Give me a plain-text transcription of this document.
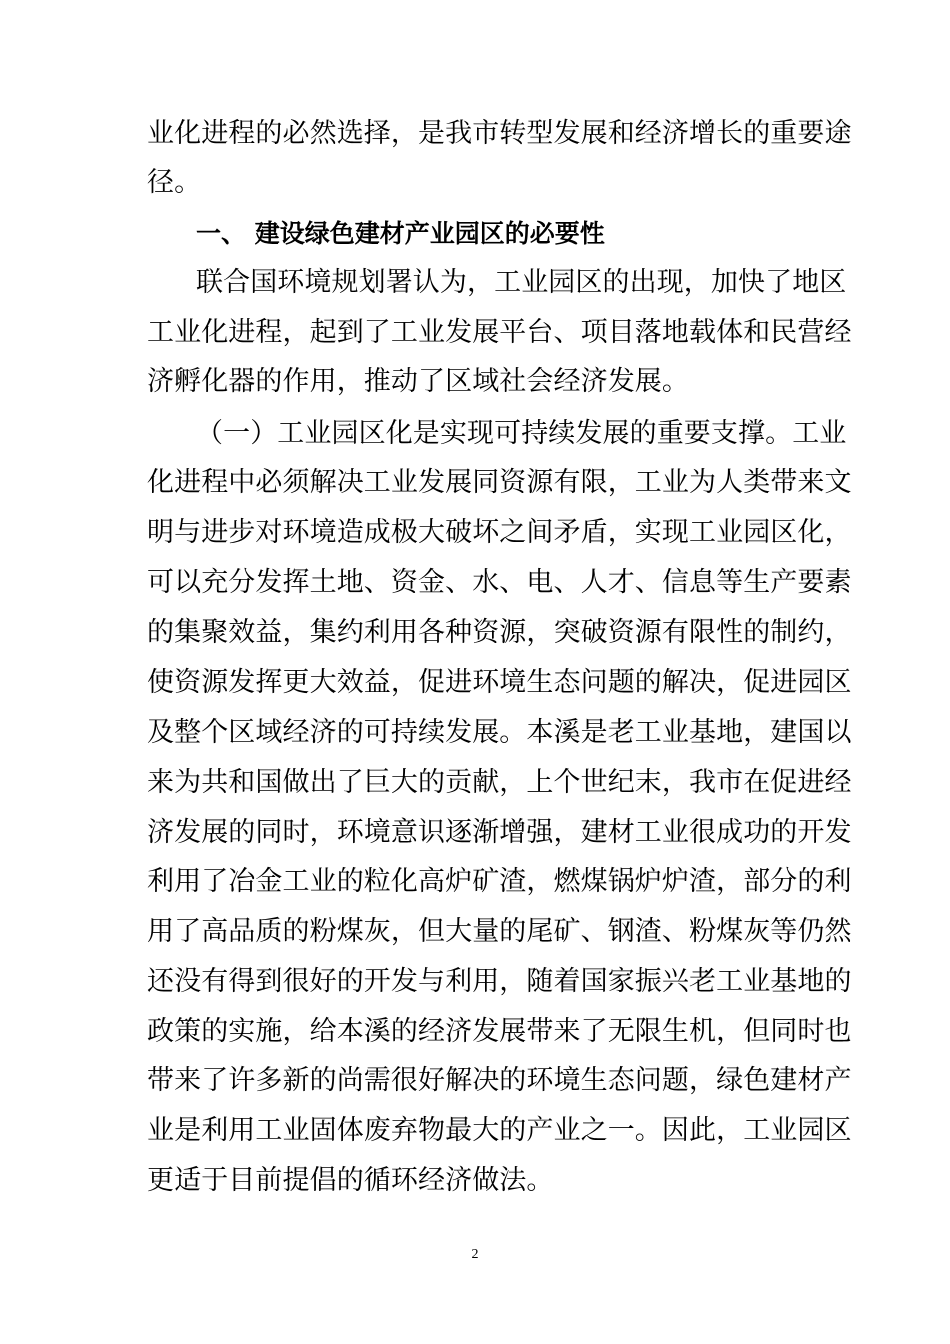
业化进程的必然选择，是我市转型发展和经济增长的重要途
径。
一、 建设绿色建材产业园区的必要性
联合国环境规划署认为，工业园区的出现，加快了地区
工业化进程，起到了工业发展平台、项目落地载体和民营经
济孵化器的作用，推动了区域社会经济发展。
（一）工业园区化是实现可持续发展的重要支撑。工业
化进程中必须解决工业发展同资源有限，工业为人类带来文
明与进步对环境造成极大破坏之间矛盾，实现工业园区化，
可以充分发挥土地、资金、水、电、人才、信息等生产要素
的集聚效益，集约利用各种资源，突破资源有限性的制约，
使资源发挥更大效益，促进环境生态问题的解决，促进园区
及整个区域经济的可持续发展。本溪是老工业基地，建国以
来为共和国做出了巨大的贡献，上个世纪末，我市在促进经
济发展的同时，环境意识逐渐增强，建材工业很成功的开发
利用了冶金工业的粒化高炉矿渣，燃煤锅炉炉渣，部分的利
用了高品质的粉煤灰，但大量的尾矿、钢渣、粉煤灰等仍然
还没有得到很好的开发与利用，随着国家振兴老工业基地的
政策的实施，给本溪的经济发展带来了无限生机，但同时也
带来了许多新的尚需很好解决的环境生态问题，绿色建材产
业是利用工业固体废弃物最大的产业之一。因此，工业园区
更适于目前提倡的循环经济做法。
2
